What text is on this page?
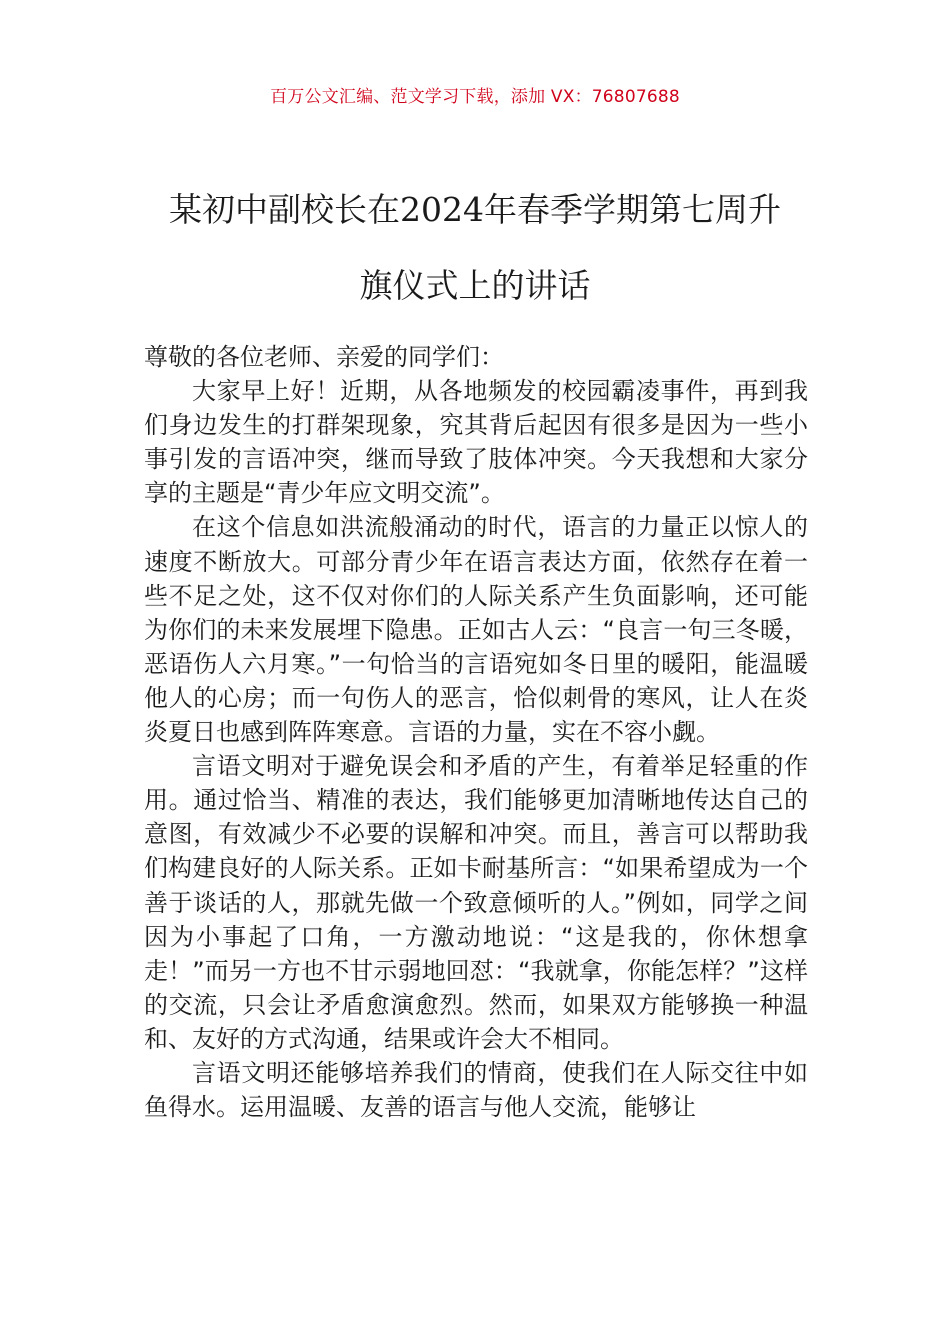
百万公文汇编、范文学习下载，添加 VX：76807688
某初中副校长在2024年春季学期第七周升
旗仪式上的讲话

尊敬的各位老师、亲爱的同学们：

大家早上好！近期，从各地频发的校园霸凌事件，再到我们身边发生的打群架现象，究其背后起因有很多是因为一些小事引发的言语冲突，继而导致了肢体冲突。今天我想和大家分享的主题是“青少年应文明交流”。

在这个信息如洪流般涌动的时代，语言的力量正以惊人的速度不断放大。可部分青少年在语言表达方面，依然存在着一些不足之处，这不仅对你们的人际关系产生负面影响，还可能为你们的未来发展埋下隐患。正如古人云：“良言一句三冬暖，恶语伤人六月寒。”一句恰当的言语宛如冬日里的暖阳，能温暖他人的心房；而一句伤人的恶言，恰似刺骨的寒风，让人在炎炎夏日也感到阵阵寒意。言语的力量，实在不容小觑。

言语文明对于避免误会和矛盾的产生，有着举足轻重的作用。通过恰当、精准的表达，我们能够更加清晰地传达自己的意图，有效减少不必要的误解和冲突。而且，善言可以帮助我们构建良好的人际关系。正如卡耐基所言：“如果希望成为一个善于谈话的人，那就先做一个致意倾听的人。”例如，同学之间因为小事起了口角，一方激动地说：“这是我的，你休想拿走！”而另一方也不甘示弱地回怼：“我就拿，你能怎样？”这样的交流，只会让矛盾愈演愈烈。然而，如果双方能够换一种温和、友好的方式沟通，结果或许会大不相同。

言语文明还能够培养我们的情商，使我们在人际交往中如鱼得水。运用温暖、友善的语言与他人交流，能够让
